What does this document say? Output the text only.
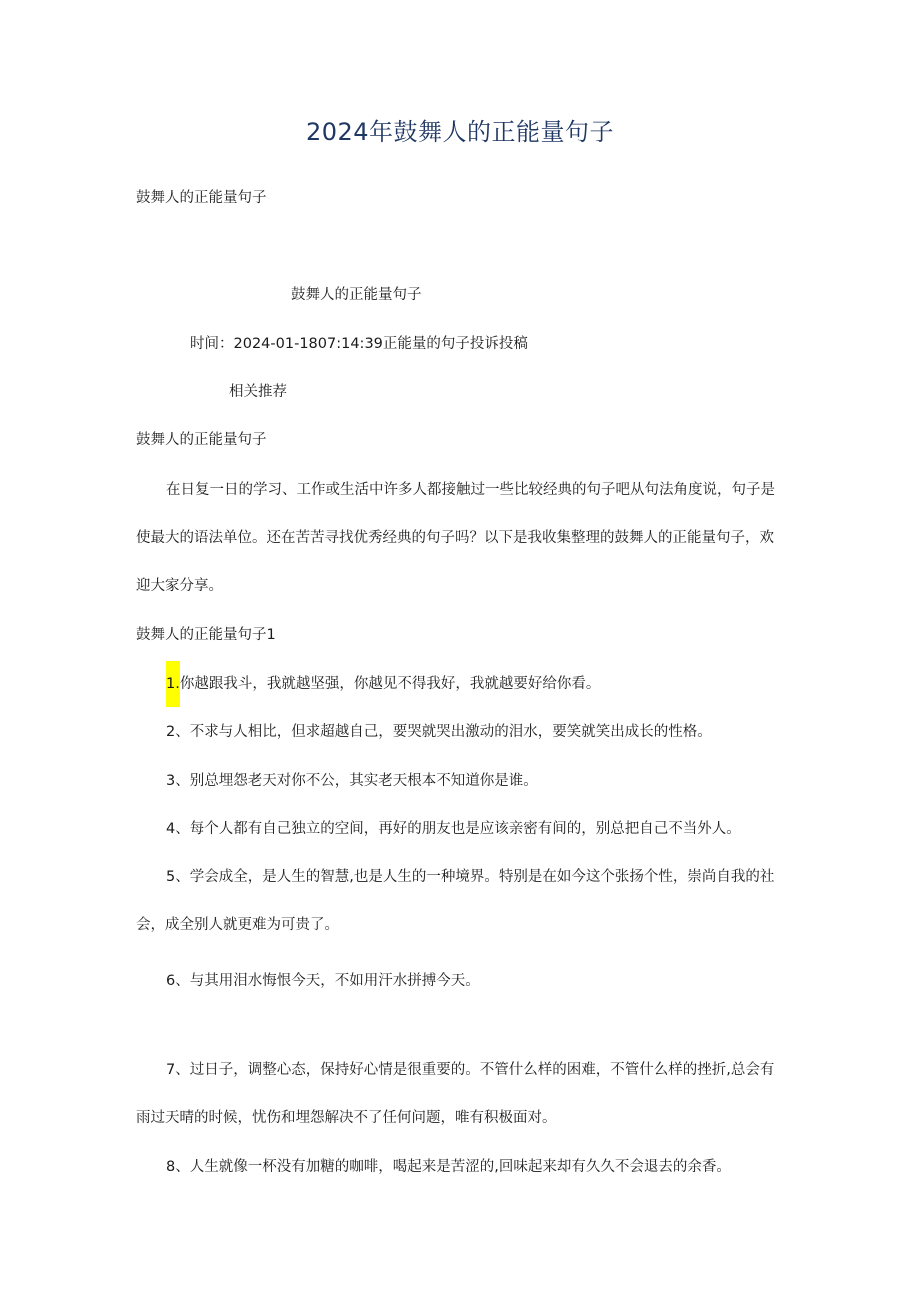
2024年鼓舞人的正能量句子
鼓舞人的正能量句子
鼓舞人的正能量句子
时间：2024-01-1807:14:39正能量的句子投诉投稿
相关推荐
鼓舞人的正能量句子
在日复一日的学习、工作或生活中许多人都接触过一些比较经典的句子吧从句法角度说，句子是
使最大的语法单位。还在苦苦寻找优秀经典的句子吗？以下是我收集整理的鼓舞人的正能量句子，欢
迎大家分享。
鼓舞人的正能量句子1
1.你越跟我斗，我就越坚强，你越见不得我好，我就越要好给你看。
2、不求与人相比，但求超越自己，要哭就哭出激动的泪水，要笑就笑出成长的性格。
3、别总埋怨老天对你不公，其实老天根本不知道你是谁。
4、每个人都有自己独立的空间，再好的朋友也是应该亲密有间的，别总把自己不当外人。
5、学会成全，是人生的智慧,也是人生的一种境界。特别是在如今这个张扬个性，崇尚自我的社
会，成全别人就更难为可贵了。
6、与其用泪水悔恨今天，不如用汗水拼搏今天。
7、过日子，调整心态，保持好心情是很重要的。不管什么样的困难，不管什么样的挫折,总会有
雨过天晴的时候，忧伤和埋怨解决不了任何问题，唯有积极面对。
8、人生就像一杯没有加糖的咖啡，喝起来是苦涩的,回味起来却有久久不会退去的余香。
